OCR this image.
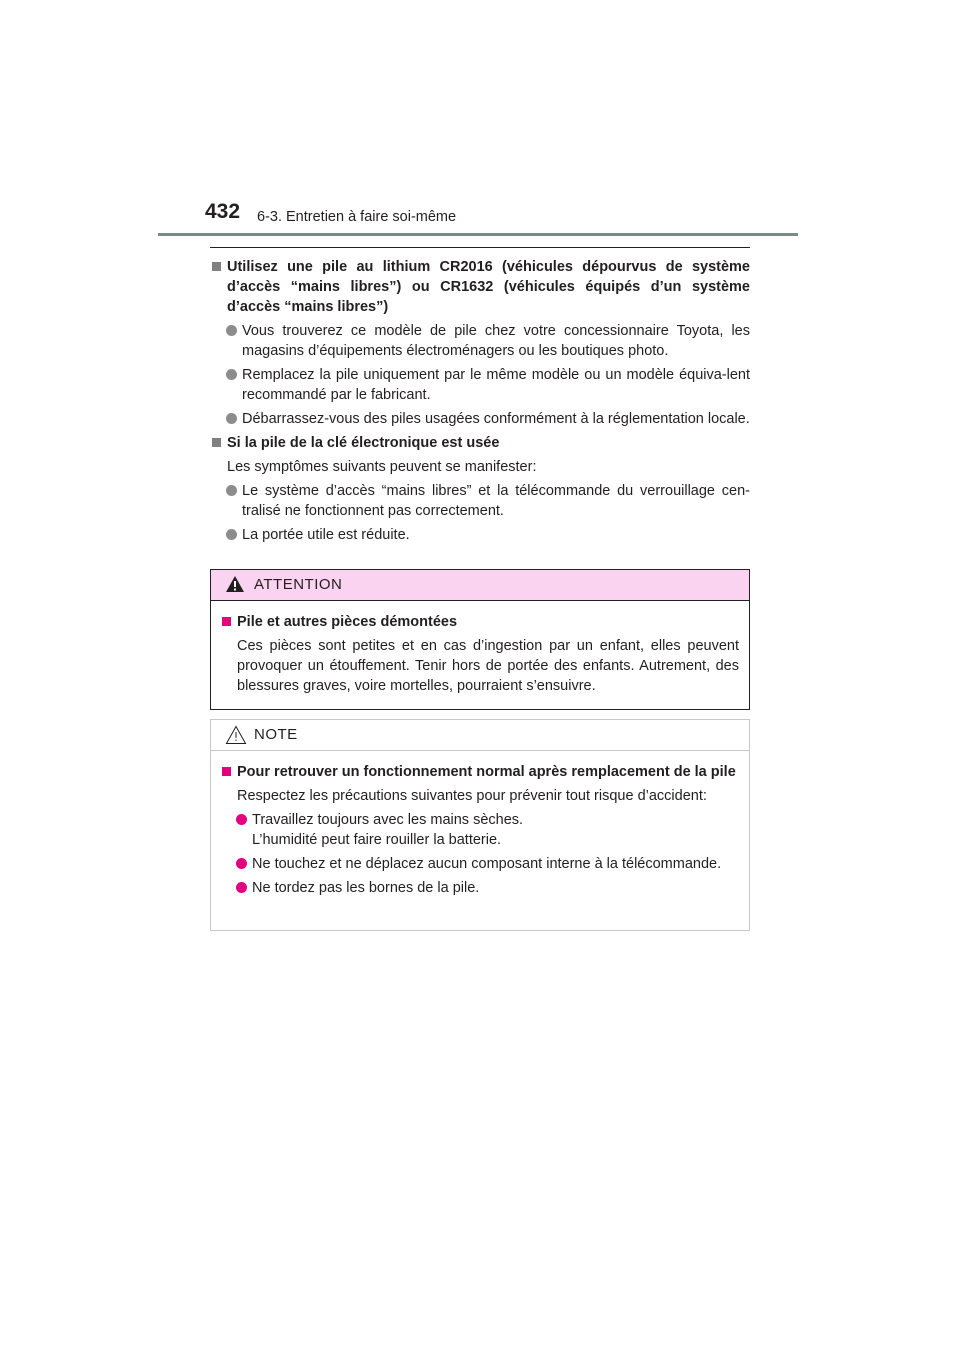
432 6-3. Entretien à faire soi-même
Utilisez une pile au lithium CR2016 (véhicules dépourvus de système d’accès “mains libres”) ou CR1632 (véhicules équipés d’un système d’accès “mains libres”)
Vous trouverez ce modèle de pile chez votre concessionnaire Toyota, les magasins d’équipements électroménagers ou les boutiques photo.
Remplacez la pile uniquement par le même modèle ou un modèle équiva-lent recommandé par le fabricant.
Débarrassez-vous des piles usagées conformément à la réglementation locale.
Si la pile de la clé électronique est usée
Les symptômes suivants peuvent se manifester:
Le système d’accès “mains libres” et la télécommande du verrouillage cen-tralisé ne fonctionnent pas correctement.
La portée utile est réduite.
ATTENTION
Pile et autres pièces démontées
Ces pièces sont petites et en cas d’ingestion par un enfant, elles peuvent provoquer un étouffement. Tenir hors de portée des enfants. Autrement, des blessures graves, voire mortelles, pourraient s’ensuivre.
NOTE
Pour retrouver un fonctionnement normal après remplacement de la pile
Respectez les précautions suivantes pour prévenir tout risque d’accident:
Travaillez toujours avec les mains sèches.
L’humidité peut faire rouiller la batterie.
Ne touchez et ne déplacez aucun composant interne à la télécommande.
Ne tordez pas les bornes de la pile.
